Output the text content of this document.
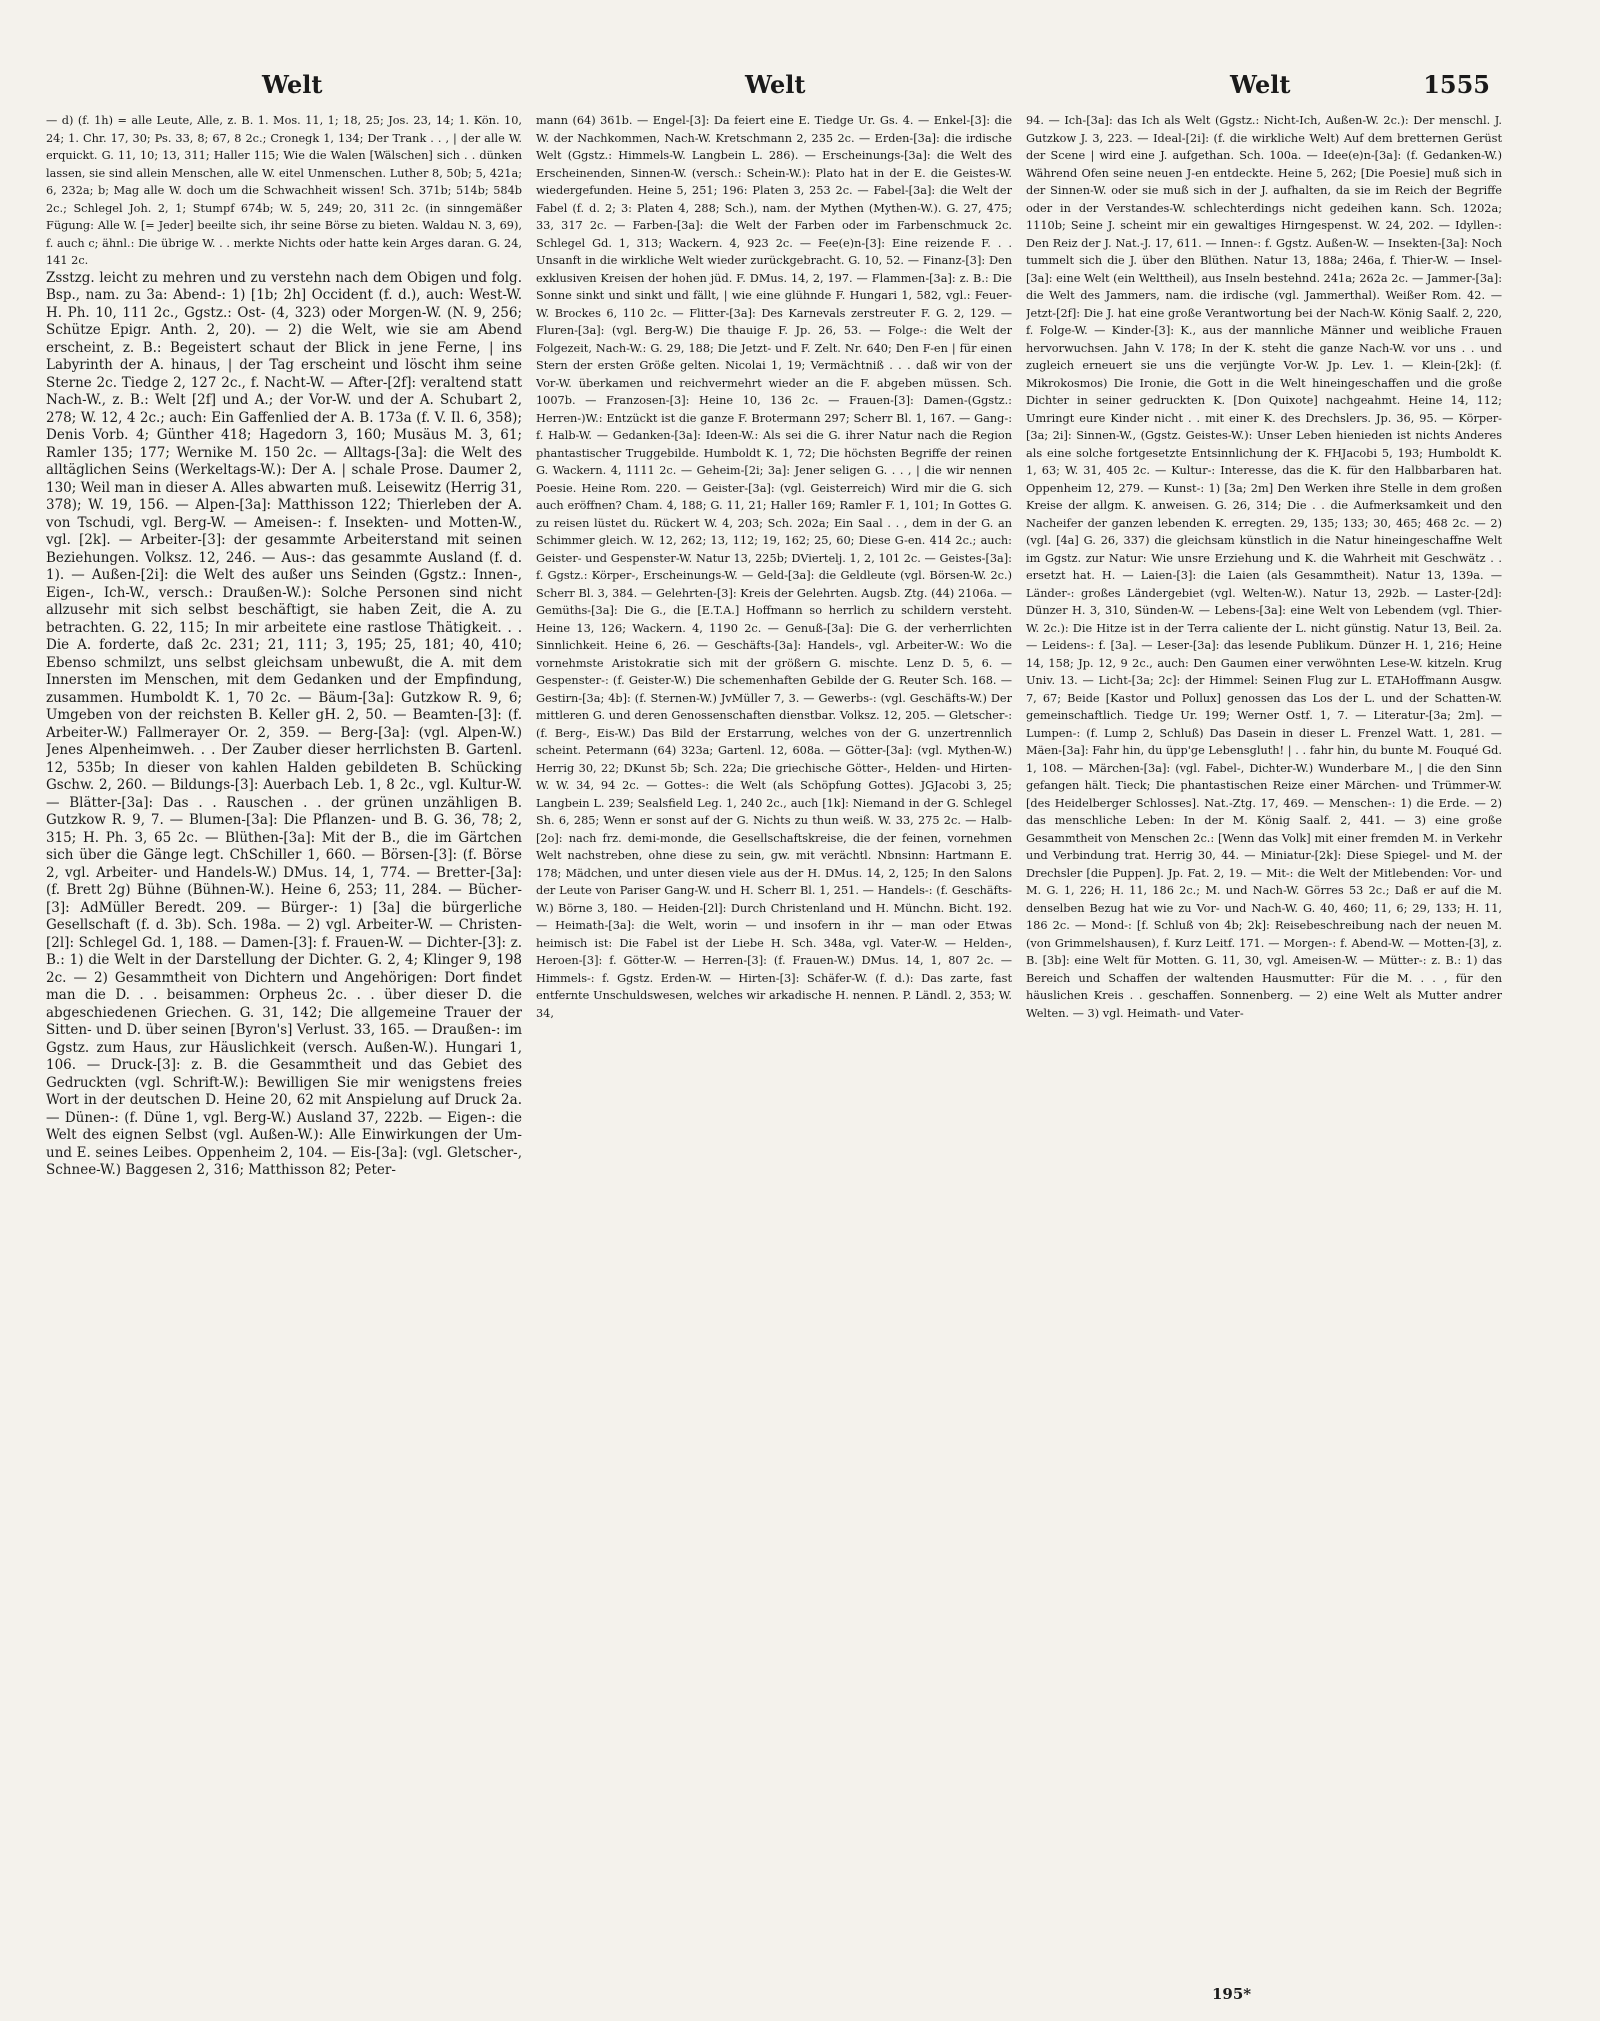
Welt	Welt	Welt	1555

— d) (f. 1h) = alle Leute, Alle, z. B. 1. Mos. 11, 1; 18, 25; Jos. 23, 14; 1. Kön. 10, 24; 1. Chr. 17, 30; Ps. 33, 8; 67, 8 2c.; Cronegk 1, 134; Der Trank . . , | der alle W. erquickt. G. 11, 10; 13, 311; Haller 115; Wie die Walen [Wälschen] sich . . dünken lassen, sie sind allein Menschen, alle W. eitel Unmenschen. Luther 8, 50b; 5, 421a; 6, 232a; b; Mag alle W. doch um die Schwachheit wissen! Sch. 371b; 514b; 584b 2c.; Schlegel Joh. 2, 1; Stumpf 674b; W. 5, 249; 20, 311 2c. (in sinngemäßer Fügung: Alle W. [= Jeder] beeilte sich, ihr seine Börse zu bieten. Waldau N. 3, 69), f. auch c; ähnl.: Die übrige W. . . merkte Nichts oder hatte kein Arges daran. G. 24, 141 2c.

Zsstzg. leicht zu mehren und zu verstehn nach dem Obigen und folg. Bsp., nam. zu 3a: Abend-: 1) [1b; 2h] Occident (f. d.), auch: West-W. H. Ph. 10, 111 2c., Ggstz.: Ost- (4, 323) oder Morgen-W. (N. 9, 256; Schütze Epigr. Anth. 2, 20). — 2) die Welt, wie sie am Abend erscheint, z. B.: Begeistert schaut der Blick in jene Ferne, | ins Labyrinth der A. hinaus, | der Tag erscheint und löscht ihm seine Sterne 2c. Tiedge 2, 127 2c., f. Nacht-W. — After-[2f]: veraltend statt Nach-W., z. B.: Welt [2f] und A.; der Vor-W. und der A. Schubart 2, 278; W. 12, 4 2c.; auch: Ein Gaffenlied der A. B. 173a (f. V. Il. 6, 358); Denis Vorb. 4; Günther 418; Hagedorn 3, 160; Musäus M. 3, 61; Ramler 135; 177; Wernike M. 150 2c. — Alltags-[3a]: die Welt des alltäglichen Seins (Werkeltags-W.): Der A. | schale Prose. Daumer 2, 130; Weil man in dieser A. Alles abwarten muß. Leisewitz (Herrig 31, 378); W. 19, 156. — Alpen-[3a]: Matthisson 122; Thierleben der A. von Tschudi, vgl. Berg-W. — Ameisen-: f. Insekten- und Motten-W., vgl. [2k]. — Arbeiter-[3]: der gesammte Arbeiterstand mit seinen Beziehungen. Volksz. 12, 246. — Aus-: das gesammte Ausland (f. d. 1). — Außen-[2i]: die Welt des außer uns Seinden (Ggstz.: Innen-, Eigen-, Ich-W., versch.: Draußen-W.): Solche Personen sind nicht allzusehr mit sich selbst beschäftigt, sie haben Zeit, die A. zu betrachten. G. 22, 115; In mir arbeitete eine rastlose Thätigkeit. . . Die A. forderte, daß 2c. 231; 21, 111; 3, 195; 25, 181; 40, 410; Ebenso schmilzt, uns selbst gleichsam unbewußt, die A. mit dem Innersten im Menschen, mit dem Gedanken und der Empfindung, zusammen. Humboldt K. 1, 70 2c. — Bäum-[3a]: Gutzkow R. 9, 6; Umgeben von der reichsten B. Keller gH. 2, 50. — Beamten-[3]: (f. Arbeiter-W.) Fallmerayer Or. 2, 359. — Berg-[3a]: (vgl. Alpen-W.) Jenes Alpenheimweh. . . Der Zauber dieser herrlichsten B. Gartenl. 12, 535b; In dieser von kahlen Halden gebildeten B. Schücking Gschw. 2, 260. — Bildungs-[3]: Auerbach Leb. 1, 8 2c., vgl. Kultur-W. — Blätter-[3a]: Das . . Rauschen . . der grünen unzähligen B. Gutzkow R. 9, 7. — Blumen-[3a]: Die Pflanzen- und B. G. 36, 78; 2, 315; H. Ph. 3, 65 2c. — Blüthen-[3a]: Mit der B., die im Gärtchen sich über die Gänge legt. ChSchiller 1, 660. — Börsen-[3]: (f. Börse 2, vgl. Arbeiter- und Handels-W.) DMus. 14, 1, 774. — Bretter-[3a]: (f. Brett 2g) Bühne (Bühnen-W.). Heine 6, 253; 11, 284. — Bücher-[3]: AdMüller Beredt. 209. — Bürger-: 1) [3a] die bürgerliche Gesellschaft (f. d. 3b). Sch. 198a. — 2) vgl. Arbeiter-W. — Christen-[2l]: Schlegel Gd. 1, 188. — Damen-[3]: f. Frauen-W. — Dichter-[3]: z. B.: 1) die Welt in der Darstellung der Dichter. G. 2, 4; Klinger 9, 198 2c. — 2) Gesammtheit von Dichtern und Angehörigen: Dort findet man die D. . . beisammen: Orpheus 2c. . . über dieser D. die abgeschiedenen Griechen. G. 31, 142; Die allgemeine Trauer der Sitten- und D. über seinen [Byron's] Verlust. 33, 165. — Draußen-: im Ggstz. zum Haus, zur Häuslichkeit (versch. Außen-W.). Hungari 1, 106. — Druck-[3]: z. B. die Gesammtheit und das Gebiet des Gedruckten (vgl. Schrift-W.): Bewilligen Sie mir wenigstens freies Wort in der deutschen D. Heine 20, 62 mit Anspielung auf Druck 2a. — Dünen-: (f. Düne 1, vgl. Berg-W.) Ausland 37, 222b. — Eigen-: die Welt des eignen Selbst (vgl. Außen-W.): Alle Einwirkungen der Um- und E. seines Leibes. Oppenheim 2, 104. — Eis-[3a]: (vgl. Gletscher-, Schnee-W.) Baggesen 2, 316; Matthisson 82; Peter-

mann (64) 361b. — Engel-[3]: Da feiert eine E. Tiedge Ur. Gs. 4. — Enkel-[3]: die W. der Nachkommen, Nach-W. Kretschmann 2, 235 2c. — Erden-[3a]: die irdische Welt (Ggstz.: Himmels-W. Langbein L. 286). — Erscheinungs-[3a]: die Welt des Erscheinenden, Sinnen-W. (versch.: Schein-W.): Plato hat in der E. die Geistes-W. wiedergefunden. Heine 5, 251; 196: Platen 3, 253 2c. — Fabel-[3a]: die Welt der Fabel (f. d. 2; 3: Platen 4, 288; Sch.), nam. der Mythen (Mythen-W.). G. 27, 475; 33, 317 2c. — Farben-[3a]: die Welt der Farben oder im Farbenschmuck 2c. Schlegel Gd. 1, 313; Wackern. 4, 923 2c. — Fee(e)n-[3]: Eine reizende F. . . Unsanft in die wirkliche Welt wieder zurückgebracht. G. 10, 52. — Finanz-[3]: Den exklusiven Kreisen der hohen jüd. F. DMus. 14, 2, 197. — Flammen-[3a]: z. B.: Die Sonne sinkt und sinkt und fällt, | wie eine glühnde F. Hungari 1, 582, vgl.: Feuer-W. Brockes 6, 110 2c. — Flitter-[3a]: Des Karnevals zerstreuter F. G. 2, 129. — Fluren-[3a]: (vgl. Berg-W.) Die thauige F. Jp. 26, 53. — Folge-: die Welt der Folgezeit, Nach-W.: G. 29, 188; Die Jetzt- und F. Zelt. Nr. 640; Den F-en | für einen Stern der ersten Größe gelten. Nicolai 1, 19; Vermächtniß . . . daß wir von der Vor-W. überkamen und reichvermehrt wieder an die F. abgeben müssen. Sch. 1007b. — Franzosen-[3]: Heine 10, 136 2c. — Frauen-[3]: Damen-(Ggstz.: Herren-)W.: Entzückt ist die ganze F. Brotermann 297; Scherr Bl. 1, 167. — Gang-: f. Halb-W. — Gedanken-[3a]: Ideen-W.: Als sei die G. ihrer Natur nach die Region phantastischer Truggebilde. Humboldt K. 1, 72; Die höchsten Begriffe der reinen G. Wackern. 4, 1111 2c. — Geheim-[2i; 3a]: Jener seligen G. . . , | die wir nennen Poesie. Heine Rom. 220. — Geister-[3a]: (vgl. Geisterreich) Wird mir die G. sich auch eröffnen? Cham. 4, 188; G. 11, 21; Haller 169; Ramler F. 1, 101; In Gottes G. zu reisen lüstet du. Rückert W. 4, 203; Sch. 202a; Ein Saal . . , dem in der G. an Schimmer gleich. W. 12, 262; 13, 112; 19, 162; 25, 60; Diese G-en. 414 2c.; auch: Geister- und Gespenster-W. Natur 13, 225b; DViertelj. 1, 2, 101 2c. — Geistes-[3a]: f. Ggstz.: Körper-, Erscheinungs-W. — Geld-[3a]: die Geldleute (vgl. Börsen-W. 2c.) Scherr Bl. 3, 384. — Gelehrten-[3]: Kreis der Gelehrten. Augsb. Ztg. (44) 2106a. — Gemüths-[3a]: Die G., die [E.T.A.] Hoffmann so herrlich zu schildern versteht. Heine 13, 126; Wackern. 4, 1190 2c. — Genuß-[3a]: Die G. der verherrlichten Sinnlichkeit. Heine 6, 26. — Geschäfts-[3a]: Handels-, vgl. Arbeiter-W.: Wo die vornehmste Aristokratie sich mit der größern G. mischte. Lenz D. 5, 6. — Gespenster-: (f. Geister-W.) Die schemenhaften Gebilde der G. Reuter Sch. 168. — Gestirn-[3a; 4b]: (f. Sternen-W.) JvMüller 7, 3. — Gewerbs-: (vgl. Geschäfts-W.) Der mittleren G. und deren Genossenschaften dienstbar. Volksz. 12, 205. — Gletscher-: (f. Berg-, Eis-W.) Das Bild der Erstarrung, welches von der G. unzertrennlich scheint. Petermann (64) 323a; Gartenl. 12, 608a. — Götter-[3a]: (vgl. Mythen-W.) Herrig 30, 22; DKunst 5b; Sch. 22a; Die griechische Götter-, Helden- und Hirten-W. W. 34, 94 2c. — Gottes-: die Welt (als Schöpfung Gottes). JGJacobi 3, 25; Langbein L. 239; Sealsfield Leg. 1, 240 2c., auch [1k]: Niemand in der G. Schlegel Sh. 6, 285; Wenn er sonst auf der G. Nichts zu thun weiß. W. 33, 275 2c. — Halb-[2o]: nach frz. demi-monde, die Gesellschaftskreise, die der feinen, vornehmen Welt nachstreben, ohne diese zu sein, gw. mit verächtl. Nbnsinn: Hartmann E. 178; Mädchen, und unter diesen viele aus der H. DMus. 14, 2, 125; In den Salons der Leute von Pariser Gang-W. und H. Scherr Bl. 1, 251. — Handels-: (f. Geschäfts-W.) Börne 3, 180. — Heiden-[2l]: Durch Christenland und H. Münchn. Bicht. 192. — Heimath-[3a]: die Welt, worin — und insofern in ihr — man oder Etwas heimisch ist: Die Fabel ist der Liebe H. Sch. 348a, vgl. Vater-W. — Helden-, Heroen-[3]: f. Götter-W. — Herren-[3]: (f. Frauen-W.) DMus. 14, 1, 807 2c. — Himmels-: f. Ggstz. Erden-W. — Hirten-[3]: Schäfer-W. (f. d.): Das zarte, fast entfernte Unschuldswesen, welches wir arkadische H. nennen. P. Ländl. 2, 353; W. 34,

94. — Ich-[3a]: das Ich als Welt (Ggstz.: Nicht-Ich, Außen-W. 2c.): Der menschl. J. Gutzkow J. 3, 223. — Ideal-[2i]: (f. die wirkliche Welt) Auf dem bretternen Gerüst der Scene | wird eine J. aufgethan. Sch. 100a. — Idee(e)n-[3a]: (f. Gedanken-W.) Während Ofen seine neuen J-en entdeckte. Heine 5, 262; [Die Poesie] muß sich in der Sinnen-W. oder sie muß sich in der J. aufhalten, da sie im Reich der Begriffe oder in der Verstandes-W. schlechterdings nicht gedeihen kann. Sch. 1202a; 1110b; Seine J. scheint mir ein gewaltiges Hirngespenst. W. 24, 202. — Idyllen-: Den Reiz der J. Nat.-J. 17, 611. — Innen-: f. Ggstz. Außen-W. — Insekten-[3a]: Noch tummelt sich die J. über den Blüthen. Natur 13, 188a; 246a, f. Thier-W. — Insel-[3a]: eine Welt (ein Welttheil), aus Inseln bestehnd. 241a; 262a 2c. — Jammer-[3a]: die Welt des Jammers, nam. die irdische (vgl. Jammerthal). Weißer Rom. 42. — Jetzt-[2f]: Die J. hat eine große Verantwortung bei der Nach-W. König Saalf. 2, 220, f. Folge-W. — Kinder-[3]: K., aus der mannliche Männer und weibliche Frauen hervorwuchsen. Jahn V. 178; In der K. steht die ganze Nach-W. vor uns . . und zugleich erneuert sie uns die verjüngte Vor-W. Jp. Lev. 1. — Klein-[2k]: (f. Mikrokosmos) Die Ironie, die Gott in die Welt hineingeschaffen und die große Dichter in seiner gedruckten K. [Don Quixote] nachgeahmt. Heine 14, 112; Umringt eure Kinder nicht . . mit einer K. des Drechslers. Jp. 36, 95. — Körper-[3a; 2i]: Sinnen-W., (Ggstz. Geistes-W.): Unser Leben hienieden ist nichts Anderes als eine solche fortgesetzte Entsinnlichung der K. FHJacobi 5, 193; Humboldt K. 1, 63; W. 31, 405 2c. — Kultur-: Interesse, das die K. für den Halbbarbaren hat. Oppenheim 12, 279. — Kunst-: 1) [3a; 2m] Den Werken ihre Stelle in dem großen Kreise der allgm. K. anweisen. G. 26, 314; Die . . die Aufmerksamkeit und den Nacheifer der ganzen lebenden K. erregten. 29, 135; 133; 30, 465; 468 2c. — 2) (vgl. [4a] G. 26, 337) die gleichsam künstlich in die Natur hineingeschaffne Welt im Ggstz. zur Natur: Wie unsre Erziehung und K. die Wahrheit mit Geschwätz . . ersetzt hat. H. — Laien-[3]: die Laien (als Gesammtheit). Natur 13, 139a. — Länder-: großes Ländergebiet (vgl. Welten-W.). Natur 13, 292b. — Laster-[2d]: Dünzer H. 3, 310, Sünden-W. — Lebens-[3a]: eine Welt von Lebendem (vgl. Thier-W. 2c.): Die Hitze ist in der Terra caliente der L. nicht günstig. Natur 13, Beil. 2a. — Leidens-: f. [3a]. — Leser-[3a]: das lesende Publikum. Dünzer H. 1, 216; Heine 14, 158; Jp. 12, 9 2c., auch: Den Gaumen einer verwöhnten Lese-W. kitzeln. Krug Univ. 13. — Licht-[3a; 2c]: der Himmel: Seinen Flug zur L. ETAHoffmann Ausgw. 7, 67; Beide [Kastor und Pollux] genossen das Los der L. und der Schatten-W. gemeinschaftlich. Tiedge Ur. 199; Werner Ostf. 1, 7. — Literatur-[3a; 2m]. — Lumpen-: (f. Lump 2, Schluß) Das Dasein in dieser L. Frenzel Watt. 1, 281. — Mäen-[3a]: Fahr hin, du üpp'ge Lebensgluth! | . . fahr hin, du bunte M. Fouqué Gd. 1, 108. — Märchen-[3a]: (vgl. Fabel-, Dichter-W.) Wunderbare M., | die den Sinn gefangen hält. Tieck; Die phantastischen Reize einer Märchen- und Trümmer-W. [des Heidelberger Schlosses]. Nat.-Ztg. 17, 469. — Menschen-: 1) die Erde. — 2) das menschliche Leben: In der M. König Saalf. 2, 441. — 3) eine große Gesammtheit von Menschen 2c.: [Wenn das Volk] mit einer fremden M. in Verkehr und Verbindung trat. Herrig 30, 44. — Miniatur-[2k]: Diese Spiegel- und M. der Drechsler [die Puppen]. Jp. Fat. 2, 19. — Mit-: die Welt der Mitlebenden: Vor- und M. G. 1, 226; H. 11, 186 2c.; M. und Nach-W. Görres 53 2c.; Daß er auf die M. denselben Bezug hat wie zu Vor- und Nach-W. G. 40, 460; 11, 6; 29, 133; H. 11, 186 2c. — Mond-: [f. Schluß von 4b; 2k]: Reisebeschreibung nach der neuen M. (von Grimmelshausen), f. Kurz Leitf. 171. — Morgen-: f. Abend-W. — Motten-[3], z. B. [3b]: eine Welt für Motten. G. 11, 30, vgl. Ameisen-W. — Mütter-: z. B.: 1) das Bereich und Schaffen der waltenden Hausmutter: Für die M. . . , für den häuslichen Kreis . . geschaffen. Sonnenberg. — 2) eine Welt als Mutter andrer Welten. — 3) vgl. Heimath- und Vater-

195*
